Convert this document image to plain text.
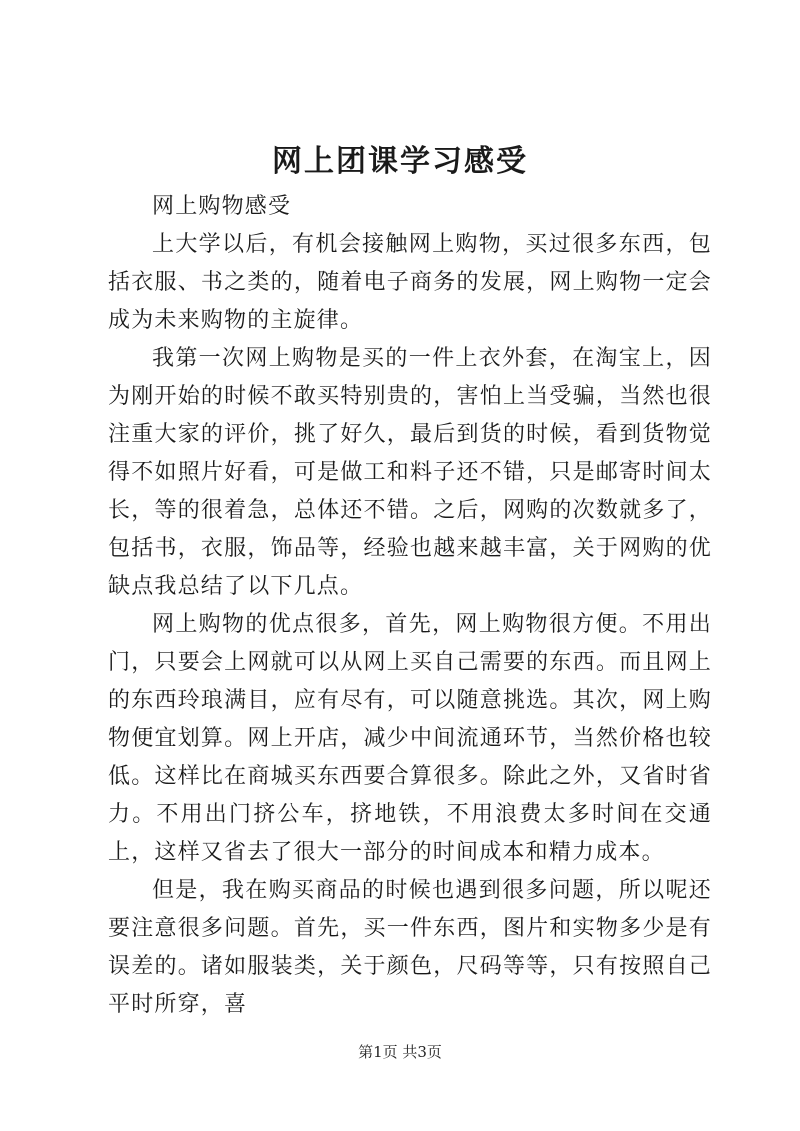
网上团课学习感受

网上购物感受

上大学以后，有机会接触网上购物，买过很多东西，包括衣服、书之类的，随着电子商务的发展，网上购物一定会成为未来购物的主旋律。

我第一次网上购物是买的一件上衣外套，在淘宝上，因为刚开始的时候不敢买特别贵的，害怕上当受骗，当然也很注重大家的评价，挑了好久，最后到货的时候，看到货物觉得不如照片好看，可是做工和料子还不错，只是邮寄时间太长，等的很着急，总体还不错。之后，网购的次数就多了，包括书，衣服，饰品等，经验也越来越丰富，关于网购的优缺点我总结了以下几点。

网上购物的优点很多，首先，网上购物很方便。不用出门，只要会上网就可以从网上买自己需要的东西。而且网上的东西玲琅满目，应有尽有，可以随意挑选。其次，网上购物便宜划算。网上开店，减少中间流通环节，当然价格也较低。这样比在商城买东西要合算很多。除此之外，又省时省力。不用出门挤公车，挤地铁，不用浪费太多时间在交通上，这样又省去了很大一部分的时间成本和精力成本。

但是，我在购买商品的时候也遇到很多问题，所以呢还要注意很多问题。首先，买一件东西，图片和实物多少是有误差的。诸如服装类，关于颜色，尺码等等，只有按照自己平时所穿，喜

第1页 共3页
